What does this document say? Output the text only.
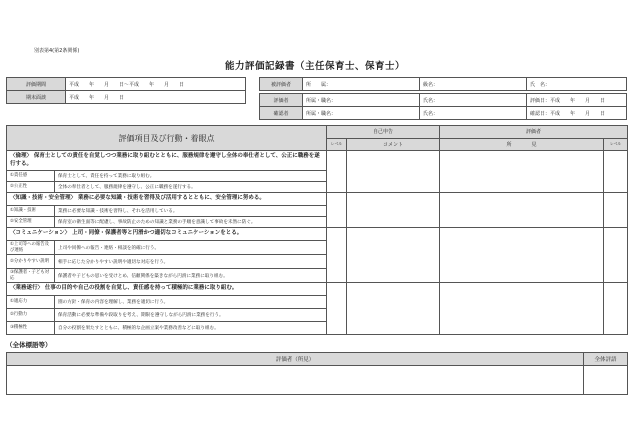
別表第4(第2条関係)
能力評価記録書（主任保育士、保育士）
評価期間	平成　　年　　月　　日〜平成　　年　　月　　日
期末面談	平成　　年　　月　　日
被評価者	所　　属：	級名：	氏　名：
評価者	所属・職名：	氏名：	評価日：平成　　年　　月　　日
確認者	所属・職名：	氏名：	確認日：平成　　年　　月　　日
評価項目及び行動・着眼点		自己申告		評価者	
		レベル	コメント	所　　　　見	レベル
〈倫理〉 保育士としての責任を自覚しつつ業務に取り組むとともに、服務規律を遵守し全体の奉仕者として、公正に職務を遂行する。					
①責任感	保育士として、責任を持って業務に取り組む。				
②公正性	全体の奉仕者として、服務規律を遵守し、公正に職務を遂行する。				
〈知識・技術・安全管理〉 業務に必要な知識・技術を習得及び活用するとともに、安全管理に努める。					
①知識・技術	業務に必要な知識・技術を習得し、それを活用している。				
②安全管理	保育室の衛生面等に配慮し、事故防止のための知識と業務の手順を意識して事故を未然に防ぐ。				
〈コミュニケーション〉 上司・同僚・保護者等と円滑かつ適切なコミュニケーションをとる。					
①上司等への報告及び連絡	上司や同僚への報告・連絡・相談を的確に行う。				
②分かりやすい説明	相手に応じた分かりやすい説明や適切な対応を行う。				
③保護者・子ども対応	保護者や子どもの思いを受けとめ、信頼関係を築きながら円滑に業務に取り組む。				
〈業務遂行〉 仕事の目的や自己の役割を自覚し、責任感を持って積極的に業務に取り組む。					
①適応力	園の方針・保育の内容を理解し、業務を適切に行う。				
②行動力	保育活動に必要な準備や段取りを考え、期限を遵守しながら円滑に業務を行う。				
③積極性	自分の役割を果たすとともに、積極的な企画立案や業務改善などに取り組む。				
（全体標語等）
評価者（所見）	全体評語
